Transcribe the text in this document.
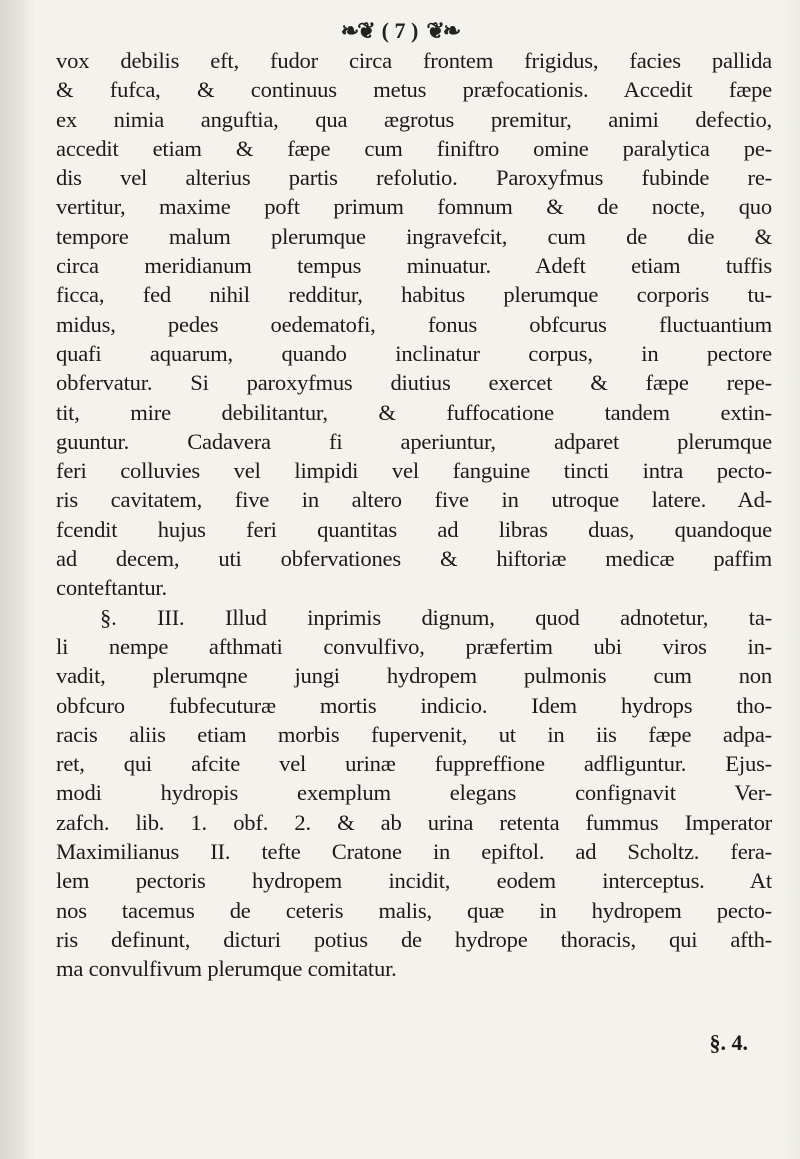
❧❦ ( 7 ) ❦❧
vox debilis eft, fudor circa frontem frigidus, facies pallida
& fufca, & continuus metus præfocationis. Accedit fæpe
ex nimia anguftia, qua ægrotus premitur, animi defectio,
accedit etiam & fæpe cum finiftro omine paralytica pe-
dis vel alterius partis refolutio. Paroxyfmus fubinde re-
vertitur, maxime poft primum fomnum & de nocte, quo
tempore malum plerumque ingravefcit, cum de die &
circa meridianum tempus minuatur. Adeft etiam tuffis
ficca, fed nihil redditur, habitus plerumque corporis tu-
midus, pedes oedematofi, fonus obfcurus fluctuantium
quafi aquarum, quando inclinatur corpus, in pectore
obfervatur. Si paroxyfmus diutius exercet & fæpe repe-
tit, mire debilitantur, & fuffocatione tandem extin-
guuntur. Cadavera fi aperiuntur, adparet plerumque
feri colluvies vel limpidi vel fanguine tincti intra pecto-
ris cavitatem, five in altero five in utroque latere. Ad-
fcendit hujus feri quantitas ad libras duas, quandoque
ad decem, uti obfervationes & hiftoriæ medicæ paffim
conteftantur.
§. III. Illud inprimis dignum, quod adnotetur, ta-
li nempe afthmati convulfivo, præfertim ubi viros in-
vadit, plerumqne jungi hydropem pulmonis cum non
obfcuro fubfecuturæ mortis indicio. Idem hydrops tho-
racis aliis etiam morbis fupervenit, ut in iis fæpe adpa-
ret, qui afcite vel urinæ fuppreffione adfliguntur. Ejus-
modi hydropis exemplum elegans confignavit Ver-
zafch. lib. 1. obf. 2. & ab urina retenta fummus Imperator
Maximilianus II. tefte Cratone in epiftol. ad Scholtz. fera-
lem pectoris hydropem incidit, eodem interceptus. At
nos tacemus de ceteris malis, quæ in hydropem pecto-
ris definunt, dicturi potius de hydrope thoracis, qui afth-
ma convulfivum plerumque comitatur.
§. 4.
